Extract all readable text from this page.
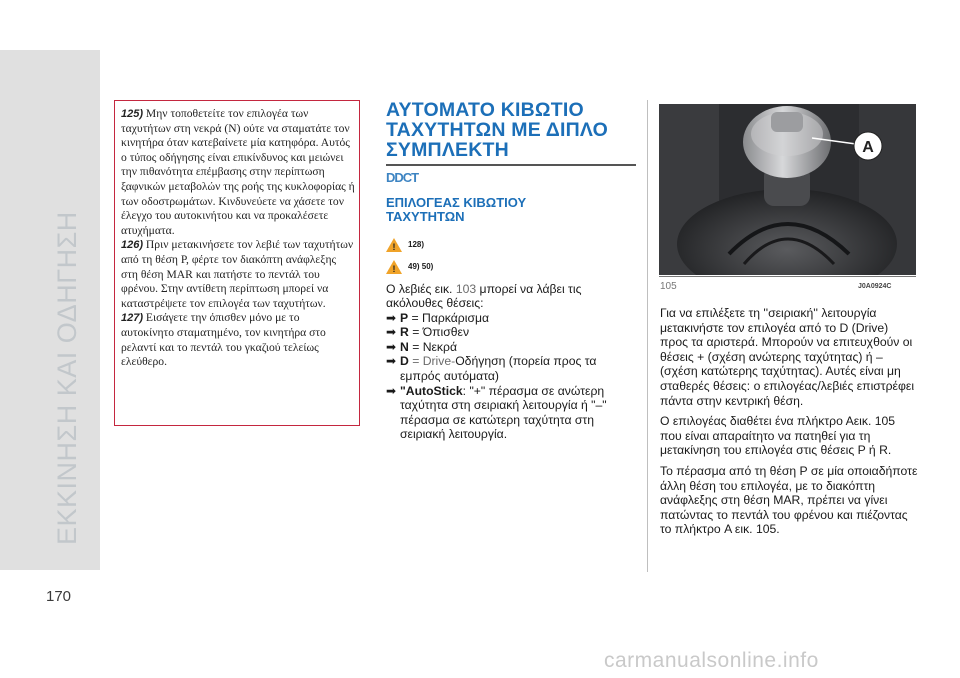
ΕΚΚΙΝΗΣΗ ΚΑΙ ΟΔΗΓΗΣΗ

125) Μην τοποθετείτε τον επιλογέα των ταχυτήτων στη νεκρά (N) ούτε να σταματάτε τον κινητήρα όταν κατεβαίνετε μία κατηφόρα. Αυτός ο τύπος οδήγησης είναι επικίνδυνος και μειώνει την πιθανότητα επέμβασης στην περίπτωση ξαφνικών μεταβολών της ροής της κυκλοφορίας ή των οδοστρωμάτων. Κινδυνεύετε να χάσετε τον έλεγχο του αυτοκινήτου και να προκαλέσετε ατυχήματα.

126) Πριν μετακινήσετε τον λεβιέ των ταχυτήτων από τη θέση P, φέρτε τον διακόπτη ανάφλεξης στη θέση MAR και πατήστε το πεντάλ του φρένου. Στην αντίθετη περίπτωση μπορεί να καταστρέψετε τον επιλογέα των ταχυτήτων.

127) Εισάγετε την όπισθεν μόνο με το αυτοκίνητο σταματημένο, τον κινητήρα στο ρελαντί και το πεντάλ του γκαζιού τελείως ελεύθερο.

ΑΥΤΟΜΑΤΟ ΚΙΒΩΤΙΟ
ΤΑΧΥΤΗΤΩΝ ΜΕ ΔΙΠΛΟ
ΣΥΜΠΛΕΚΤΗ
DDCT
ΕΠΙΛΟΓΕΑΣ ΚΙΒΩΤΙΟΥ
ΤΑΧΥΤΗΤΩΝ
! 128)
! 49) 50)

Ο λεβιές εικ. 103 μπορεί να λάβει τις ακόλουθες θέσεις:

➡ P = Παρκάρισμα
➡ R = Όπισθεν
➡ N = Νεκρά
➡ D = Drive-Οδήγηση (πορεία προς τα εμπρός αυτόματα)
➡ "AutoStick: "+" πέρασμα σε ανώτερη ταχύτητα στη σειριακή λειτουργία ή "–" πέρασμα σε κατώτερη ταχύτητα στη σειριακή λειτουργία.
A
105	J0A0924C

Για να επιλέξετε τη ''σειριακή'' λειτουργία μετακινήστε τον επιλογέα από το D (Drive) προς τα αριστερά. Μπορούν να επιτευχθούν οι θέσεις + (σχέση ανώτερης ταχύτητας) ή – (σχέση κατώτερης ταχύτητας). Αυτές είναι μη σταθερές θέσεις: ο επιλογέας/λεβιές επιστρέφει πάντα στην κεντρική θέση.

Ο επιλογέας διαθέτει ένα πλήκτρο Αεικ. 105 που είναι απαραίτητο να πατηθεί για τη μετακίνηση του επιλογέα στις θέσεις P ή R.

Το πέρασμα από τη θέση P σε μία οποιαδήποτε άλλη θέση του επιλογέα, με το διακόπτη ανάφλεξης στη θέση MAR, πρέπει να γίνει πατώντας το πεντάλ του φρένου και πιέζοντας το πλήκτρο A εικ. 105.

170
carmanualsonline.info
